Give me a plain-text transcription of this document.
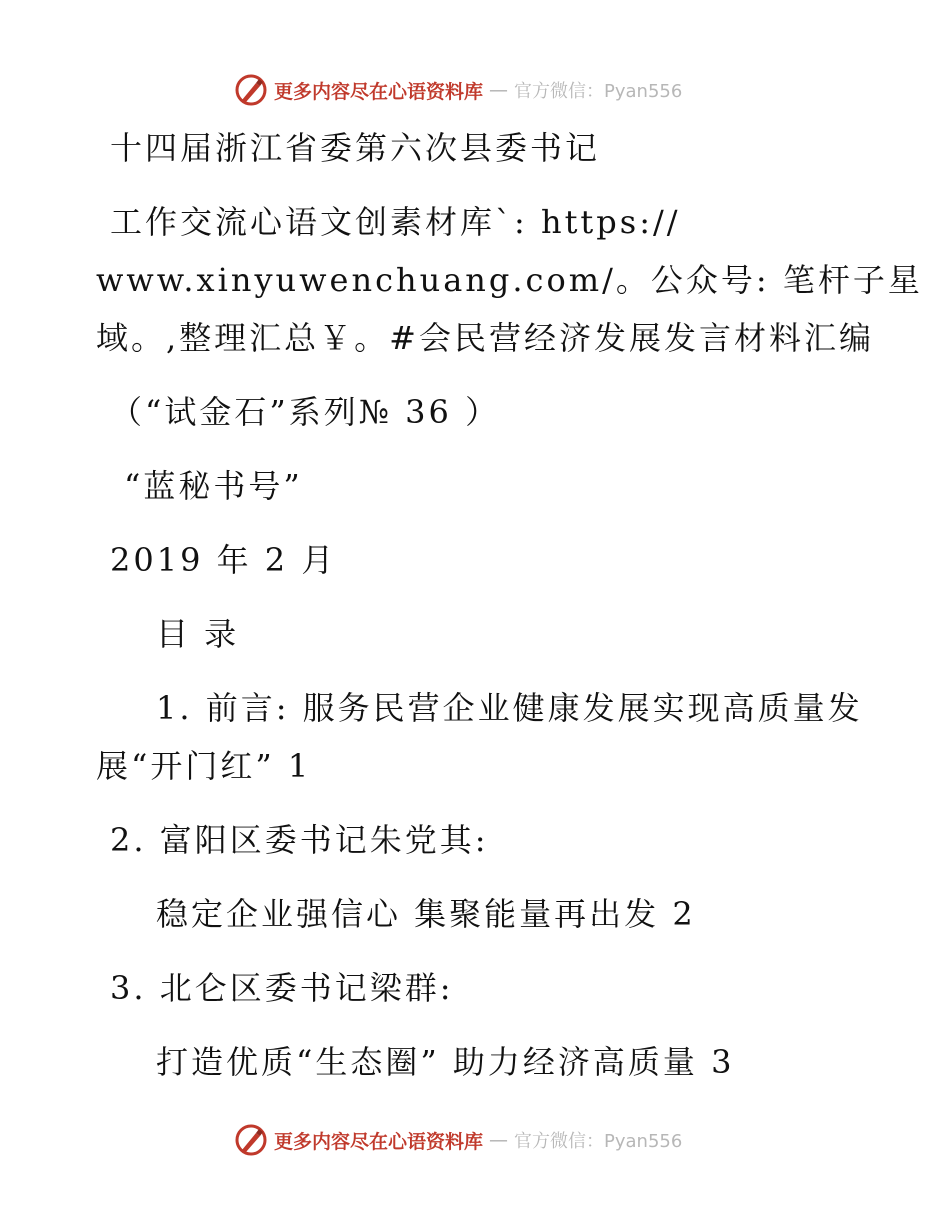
更多内容尽在心语资料库 — 官方微信：Pyan556
十四届浙江省委第六次县委书记
工作交流心语文创素材库`: https://
www.xinyuwenchuang.com/。公众号: 笔杆子星
域。,整理汇总￥。#会民营经济发展发言材料汇编
（“试金石”系列№ 36 ）
“蓝秘书号”
2019 年 2 月
目 录
1. 前言: 服务民营企业健康发展实现高质量发
展“开门红” 1
2. 富阳区委书记朱党其:
稳定企业强信心 集聚能量再出发 2
3. 北仑区委书记梁群:
打造优质“生态圈” 助力经济高质量 3
更多内容尽在心语资料库 — 官方微信：Pyan556
